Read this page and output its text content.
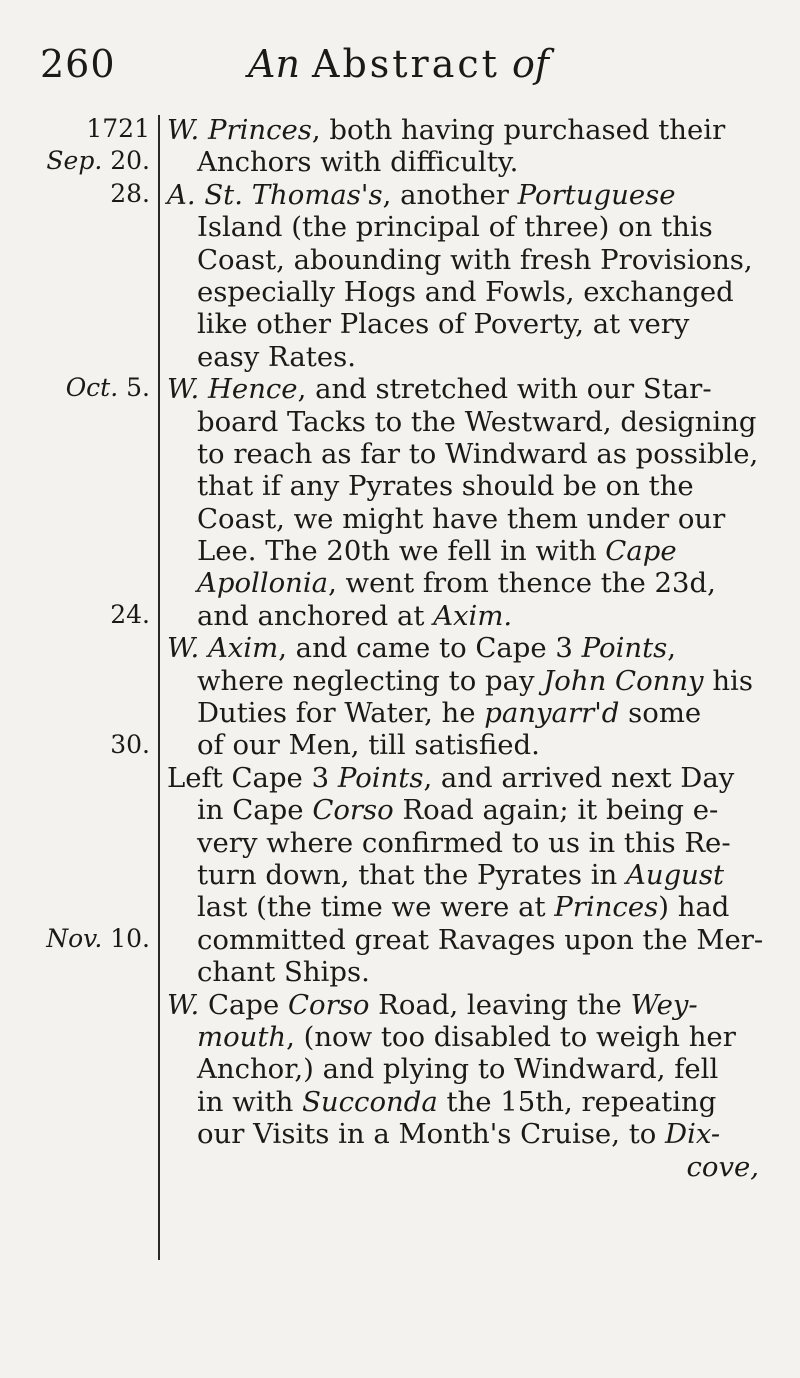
260	An Abstract of
1721
Sep. 20.
28.
Oct. 5.
24.
30.
Nov. 10.
W. Princes, both having purchased their
Anchors with difficulty.
A. St. Thomas's, another Portuguese
Island (the principal of three) on this
Coast, abounding with fresh Provisions,
especially Hogs and Fowls, exchanged
like other Places of Poverty, at very
easy Rates.
W. Hence, and stretched with our Star-
board Tacks to the Westward, designing
to reach as far to Windward as possible,
that if any Pyrates should be on the
Coast, we might have them under our
Lee. The 20th we fell in with Cape
Apollonia, went from thence the 23d,
and anchored at Axim.
W. Axim, and came to Cape 3 Points,
where neglecting to pay John Conny his
Duties for Water, he panyarr'd some
of our Men, till satisfied.
Left Cape 3 Points, and arrived next Day
in Cape Corso Road again; it being e-
very where confirmed to us in this Re-
turn down, that the Pyrates in August
last (the time we were at Princes) had
committed great Ravages upon the Mer-
chant Ships.
W. Cape Corso Road, leaving the Wey-
mouth, (now too disabled to weigh her
Anchor,) and plying to Windward, fell
in with Succonda the 15th, repeating
our Visits in a Month's Cruise, to Dix-
cove,
